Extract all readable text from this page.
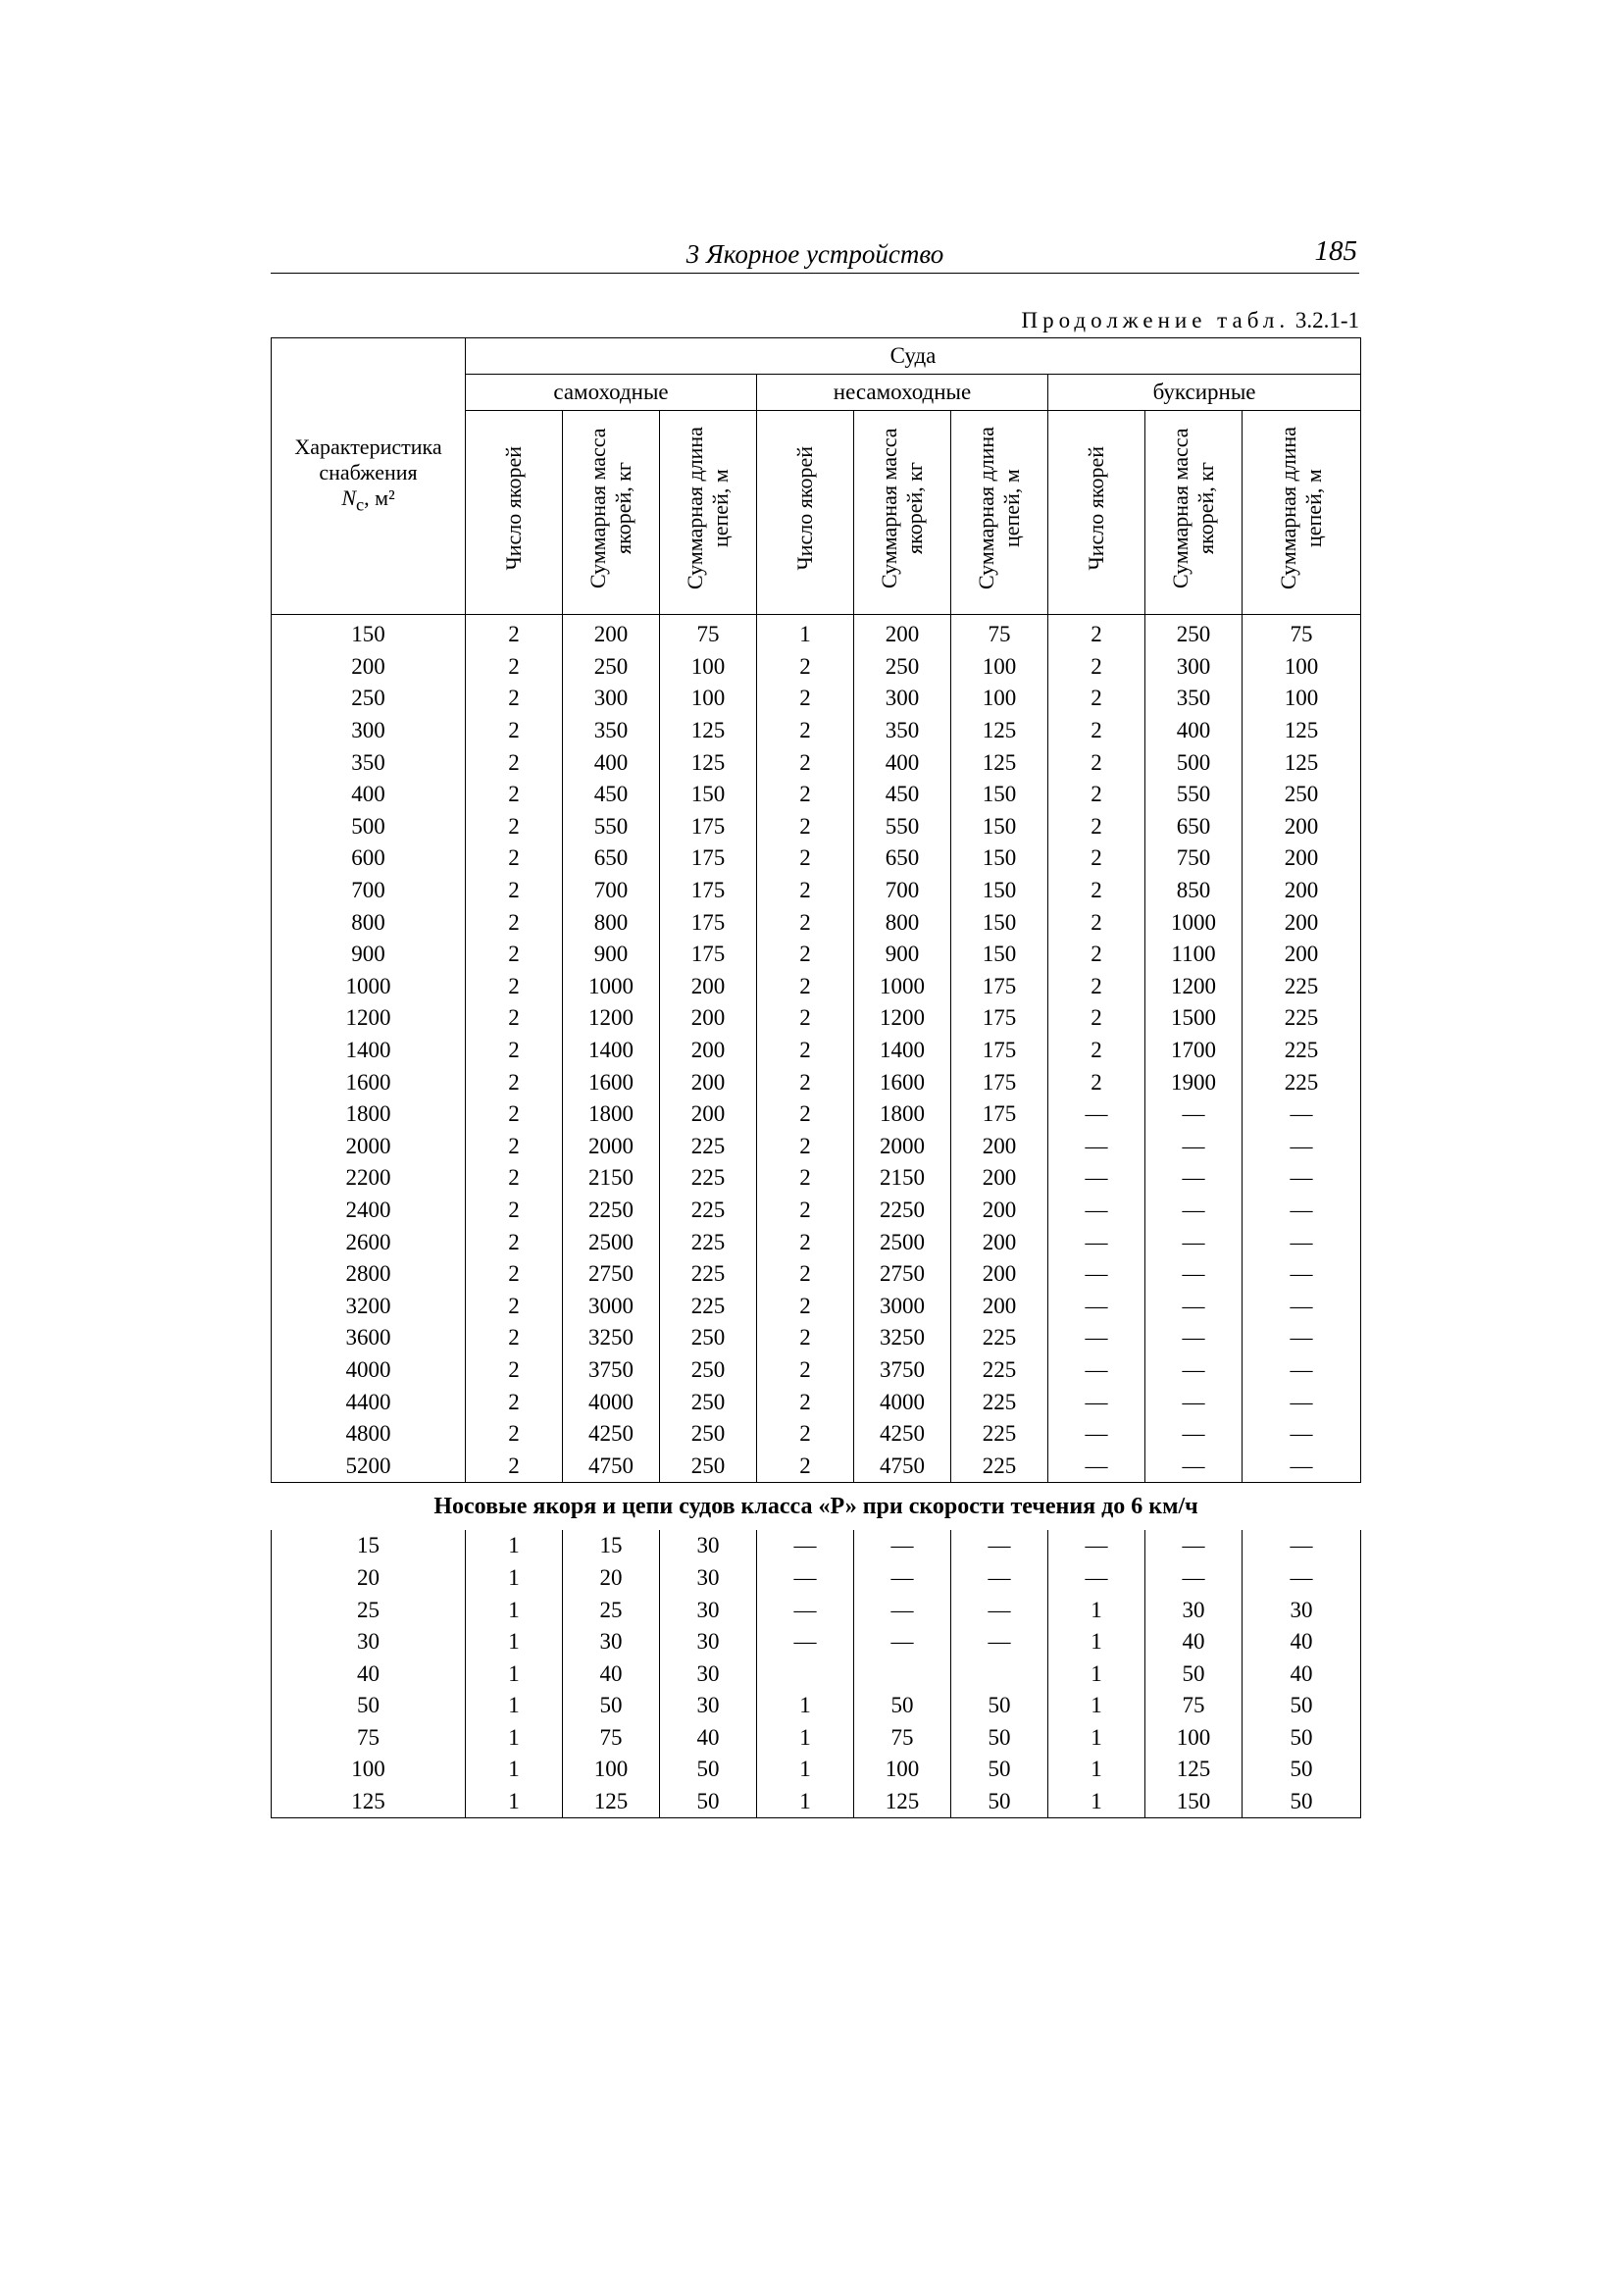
3 Якорное устройство	185
Продолжение табл. 3.2.1-1
Характеристика снабжения
$N_c$, м²	Суда								
	самоходные			несамоходные			буксирные		
	Число якорей	Суммарная масса якорей, кг	Суммарная длина цепей, м	Число якорей	Суммарная масса якорей, кг	Суммарная длина цепей, м	Число якорей	Суммарная масса якорей, кг	Суммарная длина цепей, м
150	2	200	75	1	200	75	2	250	75
200	2	250	100	2	250	100	2	300	100
250	2	300	100	2	300	100	2	350	100
300	2	350	125	2	350	125	2	400	125
350	2	400	125	2	400	125	2	500	125
400	2	450	150	2	450	150	2	550	250
500	2	550	175	2	550	150	2	650	200
600	2	650	175	2	650	150	2	750	200
700	2	700	175	2	700	150	2	850	200
800	2	800	175	2	800	150	2	1000	200
900	2	900	175	2	900	150	2	1100	200
1000	2	1000	200	2	1000	175	2	1200	225
1200	2	1200	200	2	1200	175	2	1500	225
1400	2	1400	200	2	1400	175	2	1700	225
1600	2	1600	200	2	1600	175	2	1900	225
1800	2	1800	200	2	1800	175	—	—	—
2000	2	2000	225	2	2000	200	—	—	—
2200	2	2150	225	2	2150	200	—	—	—
2400	2	2250	225	2	2250	200	—	—	—
2600	2	2500	225	2	2500	200	—	—	—
2800	2	2750	225	2	2750	200	—	—	—
3200	2	3000	225	2	3000	200	—	—	—
3600	2	3250	250	2	3250	225	—	—	—
4000	2	3750	250	2	3750	225	—	—	—
4400	2	4000	250	2	4000	225	—	—	—
4800	2	4250	250	2	4250	225	—	—	—
5200	2	4750	250	2	4750	225	—	—	—
Носовые якоря и цепи судов класса «Р» при скорости течения до 6 км/ч									
15	1	15	30	—	—	—	—	—	—
20	1	20	30	—	—	—	—	—	—
25	1	25	30	—	—	—	1	30	30
30	1	30	30	—	—	—	1	40	40
40	1	40	30				1	50	40
50	1	50	30	1	50	50	1	75	50
75	1	75	40	1	75	50	1	100	50
100	1	100	50	1	100	50	1	125	50
125	1	125	50	1	125	50	1	150	50
